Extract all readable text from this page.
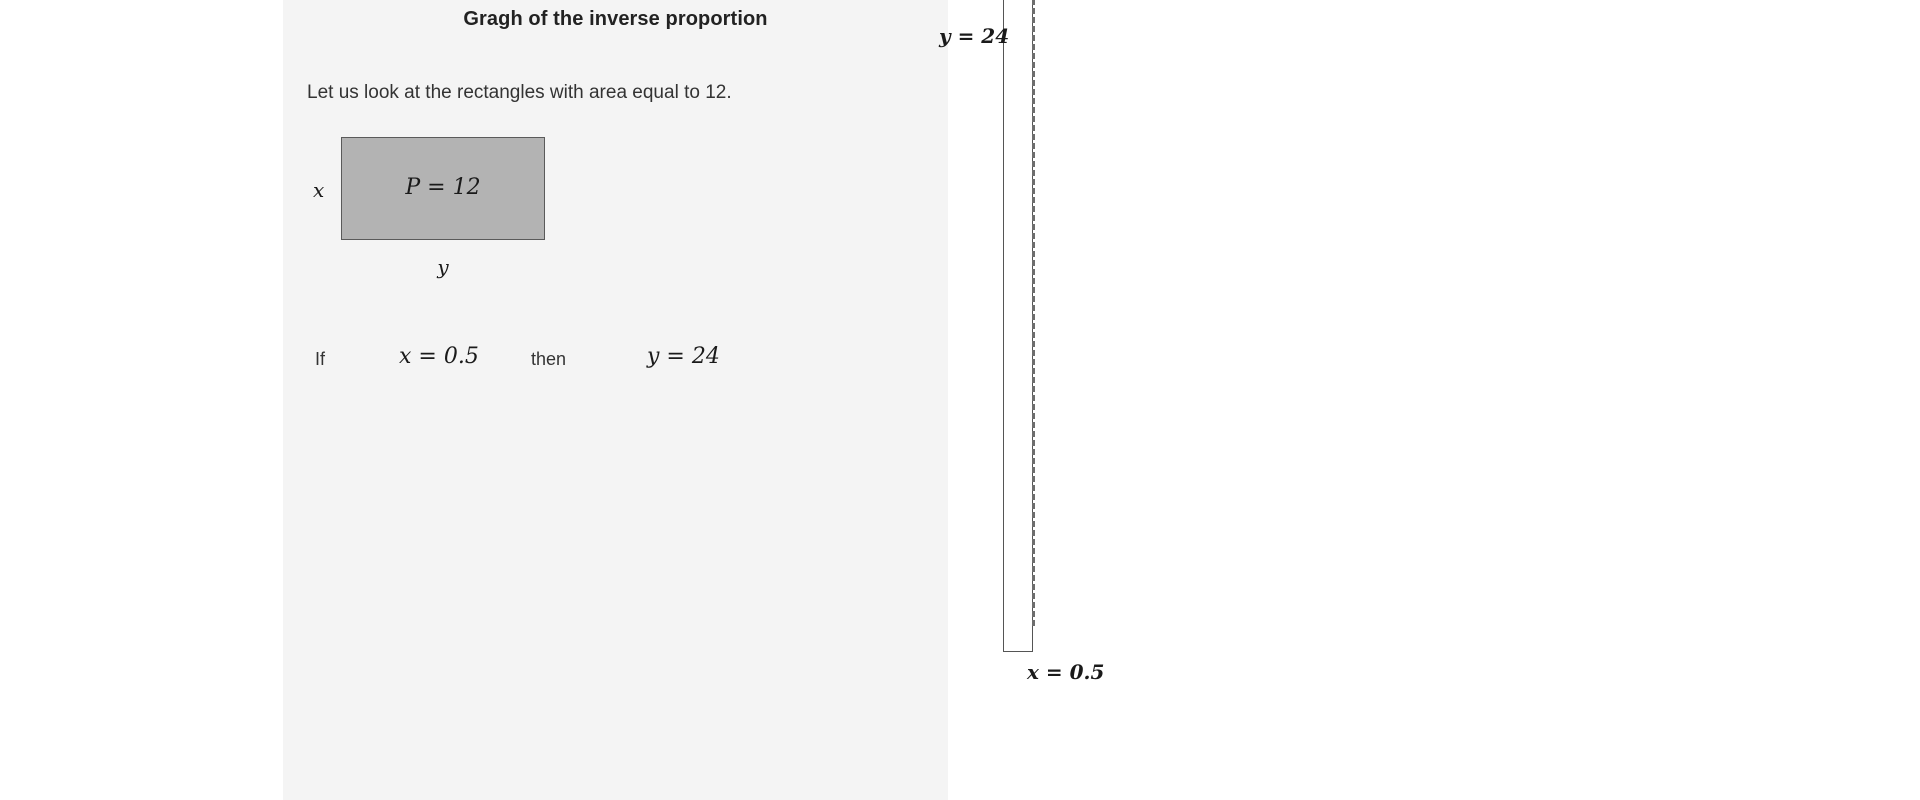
Gragh of the inverse proportion
Let us look at the rectangles with area equal to 12.
P = 12
x
y
If	x = 0.5	then	y = 24
y = 24
x = 0.5
